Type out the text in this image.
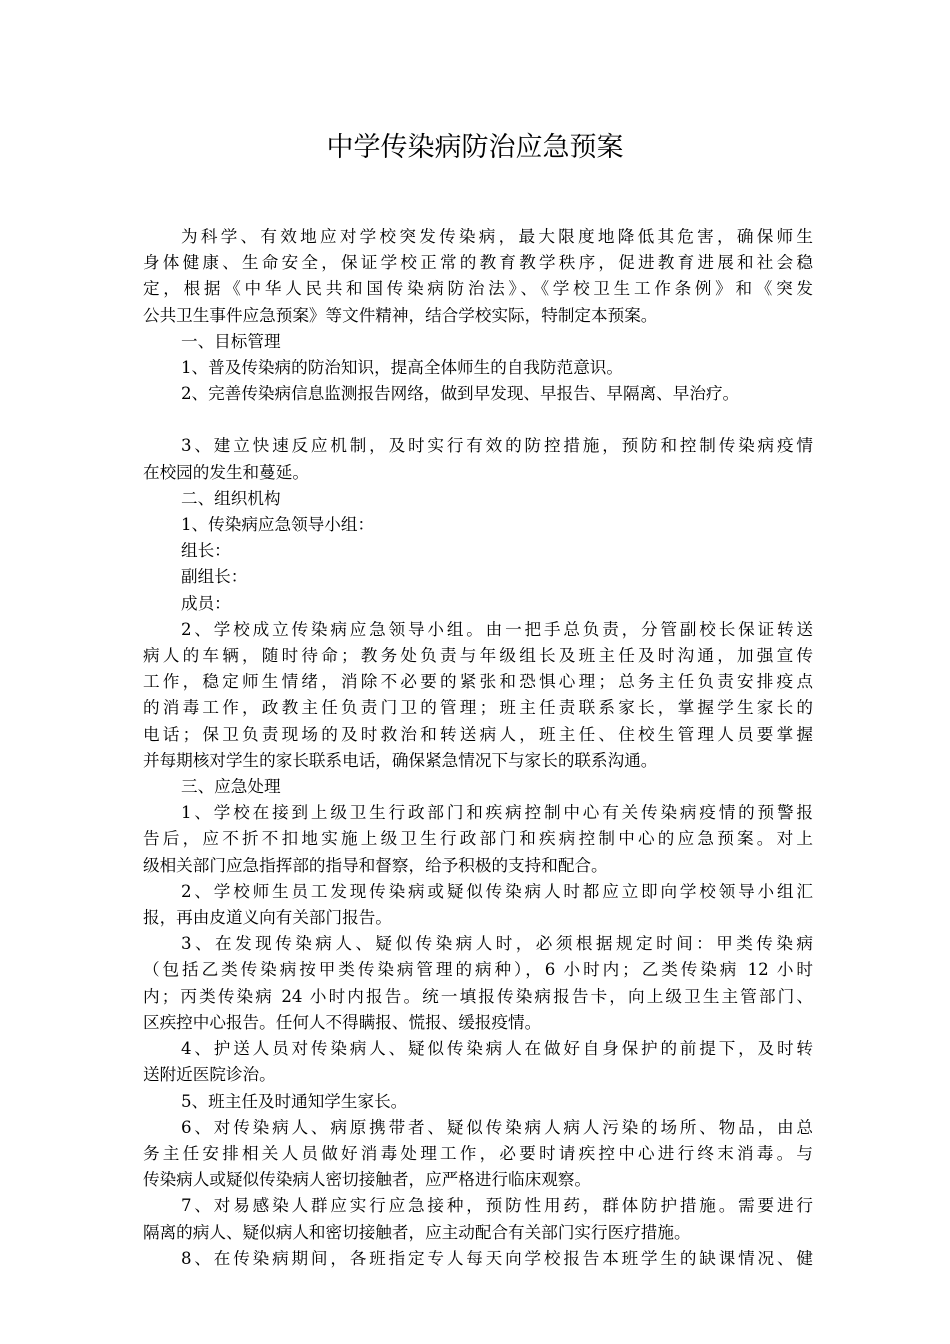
中学传染病防治应急预案

为科学、有效地应对学校突发传染病，最大限度地降低其危害，确保师生
身体健康、生命安全，保证学校正常的教育教学秩序，促进教育进展和社会稳
定，根据《中华人民共和国传染病防治法》、《学校卫生工作条例》和《突发
公共卫生事件应急预案》等文件精神，结合学校实际，特制定本预案。

一、目标管理

1、普及传染病的防治知识，提高全体师生的自我防范意识。

2、完善传染病信息监测报告网络，做到早发现、早报告、早隔离、早治疗。

3、建立快速反应机制，及时实行有效的防控措施，预防和控制传染病疫情
在校园的发生和蔓延。

二、组织机构

1、传染病应急领导小组：

组长：

副组长：

成员：

2、学校成立传染病应急领导小组。由一把手总负责，分管副校长保证转送
病人的车辆，随时待命；教务处负责与年级组长及班主任及时沟通，加强宣传
工作，稳定师生情绪，消除不必要的紧张和恐惧心理；总务主任负责安排疫点
的消毒工作，政教主任负责门卫的管理；班主任责联系家长，掌握学生家长的
电话；保卫负责现场的及时救治和转送病人，班主任、住校生管理人员要掌握
并每期核对学生的家长联系电话，确保紧急情况下与家长的联系沟通。

三、应急处理

1、学校在接到上级卫生行政部门和疾病控制中心有关传染病疫情的预警报
告后，应不折不扣地实施上级卫生行政部门和疾病控制中心的应急预案。对上
级相关部门应急指挥部的指导和督察，给予积极的支持和配合。

2、学校师生员工发现传染病或疑似传染病人时都应立即向学校领导小组汇
报，再由皮道义向有关部门报告。

3、在发现传染病人、疑似传染病人时，必须根据规定时间：甲类传染病
（包括乙类传染病按甲类传染病管理的病种），6 小时内；乙类传染病 12 小时
内；丙类传染病 24 小时内报告。统一填报传染病报告卡，向上级卫生主管部门、
区疾控中心报告。任何人不得瞒报、慌报、缓报疫情。

4、护送人员对传染病人、疑似传染病人在做好自身保护的前提下，及时转
送附近医院诊治。

5、班主任及时通知学生家长。

6、对传染病人、病原携带者、疑似传染病人病人污染的场所、物品，由总
务主任安排相关人员做好消毒处理工作，必要时请疾控中心进行终末消毒。与
传染病人或疑似传染病人密切接触者，应严格进行临床观察。

7、对易感染人群应实行应急接种，预防性用药，群体防护措施。需要进行
隔离的病人、疑似病人和密切接触者，应主动配合有关部门实行医疗措施。

8、在传染病期间，各班指定专人每天向学校报告本班学生的缺课情况、健
